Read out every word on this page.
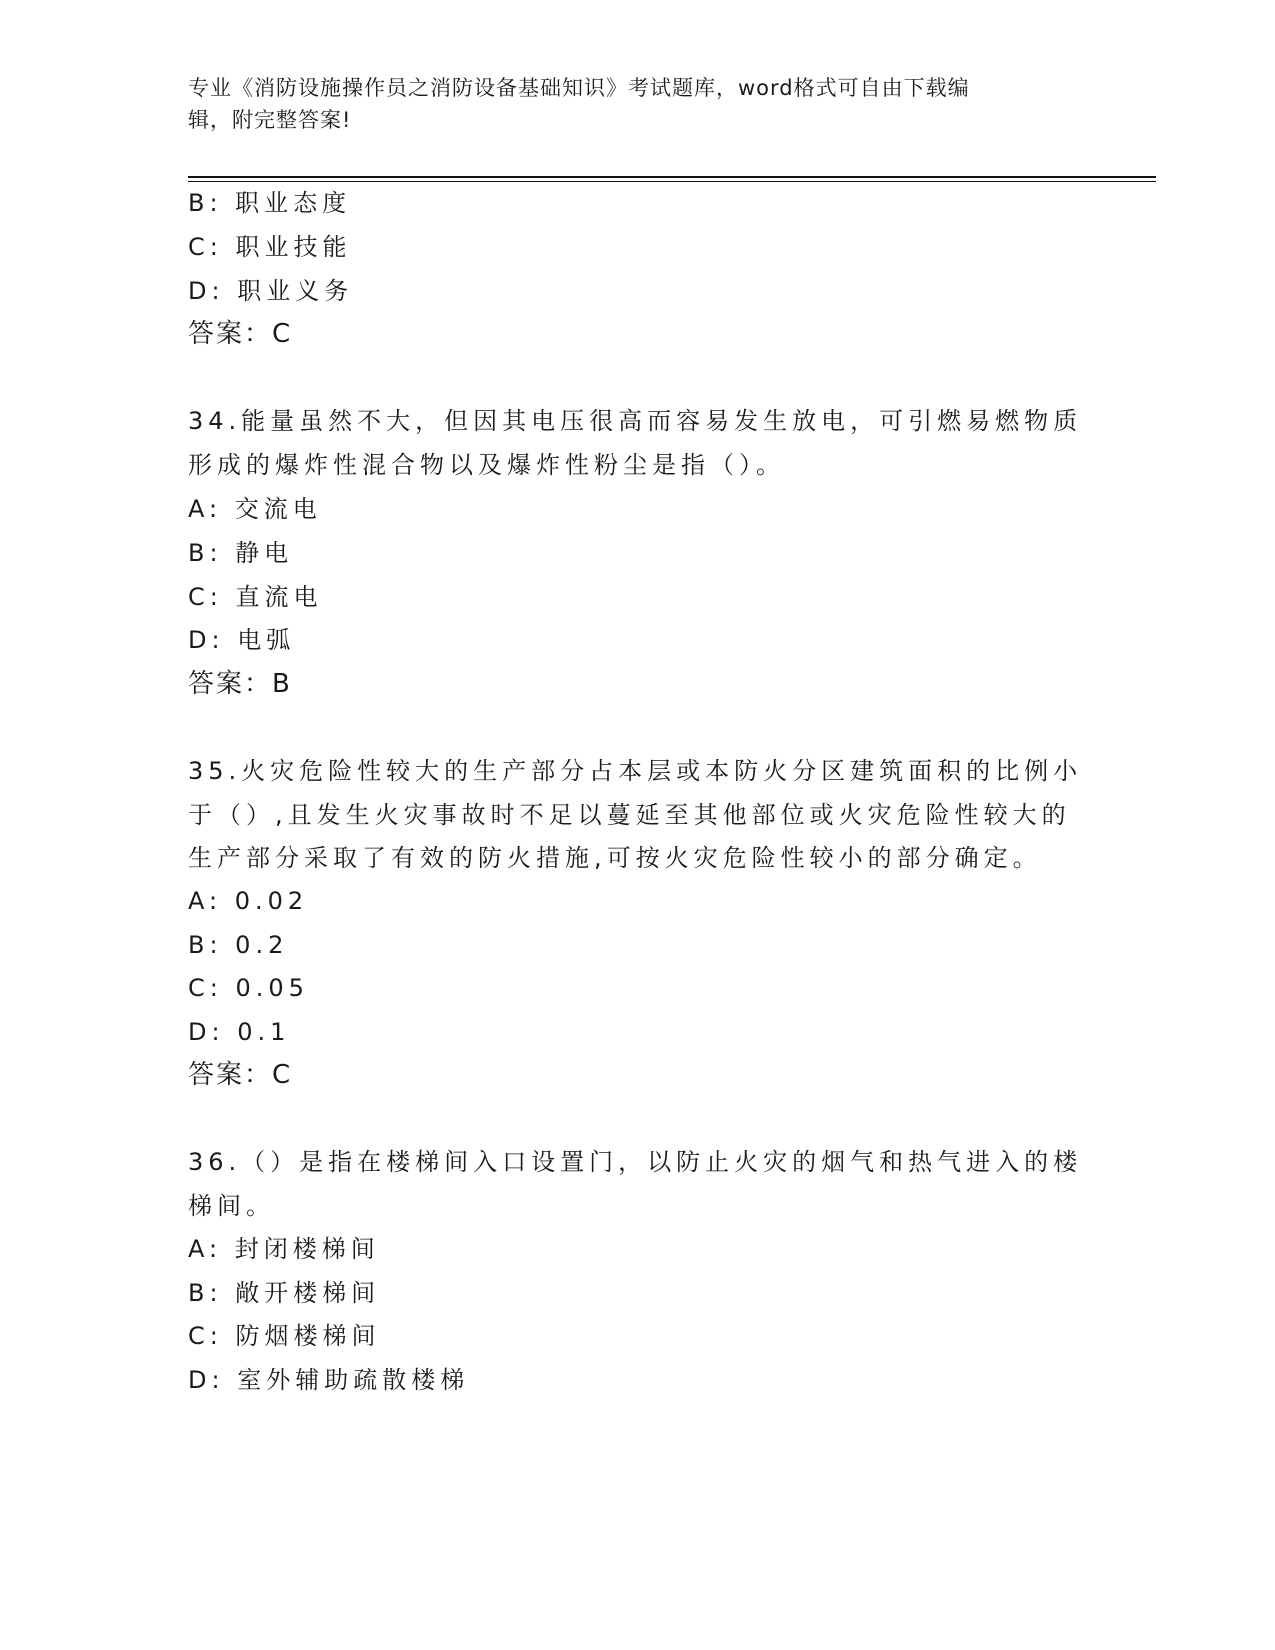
专业《消防设施操作员之消防设备基础知识》考试题库，word格式可自由下载编
辑，附完整答案!
B: 职业态度
C: 职业技能
D: 职业义务
答案：C
34.能量虽然不大，但因其电压很高而容易发生放电，可引燃易燃物质
形成的爆炸性混合物以及爆炸性粉尘是指（）。
A: 交流电
B: 静电
C: 直流电
D: 电弧
答案：B
35.火灾危险性较大的生产部分占本层或本防火分区建筑面积的比例小
于（）,且发生火灾事故时不足以蔓延至其他部位或火灾危险性较大的
生产部分采取了有效的防火措施,可按火灾危险性较小的部分确定。
A: 0.02
B: 0.2
C: 0.05
D: 0.1
答案：C
36.（）是指在楼梯间入口设置门，以防止火灾的烟气和热气进入的楼
梯间。
A: 封闭楼梯间
B: 敞开楼梯间
C: 防烟楼梯间
D: 室外辅助疏散楼梯
